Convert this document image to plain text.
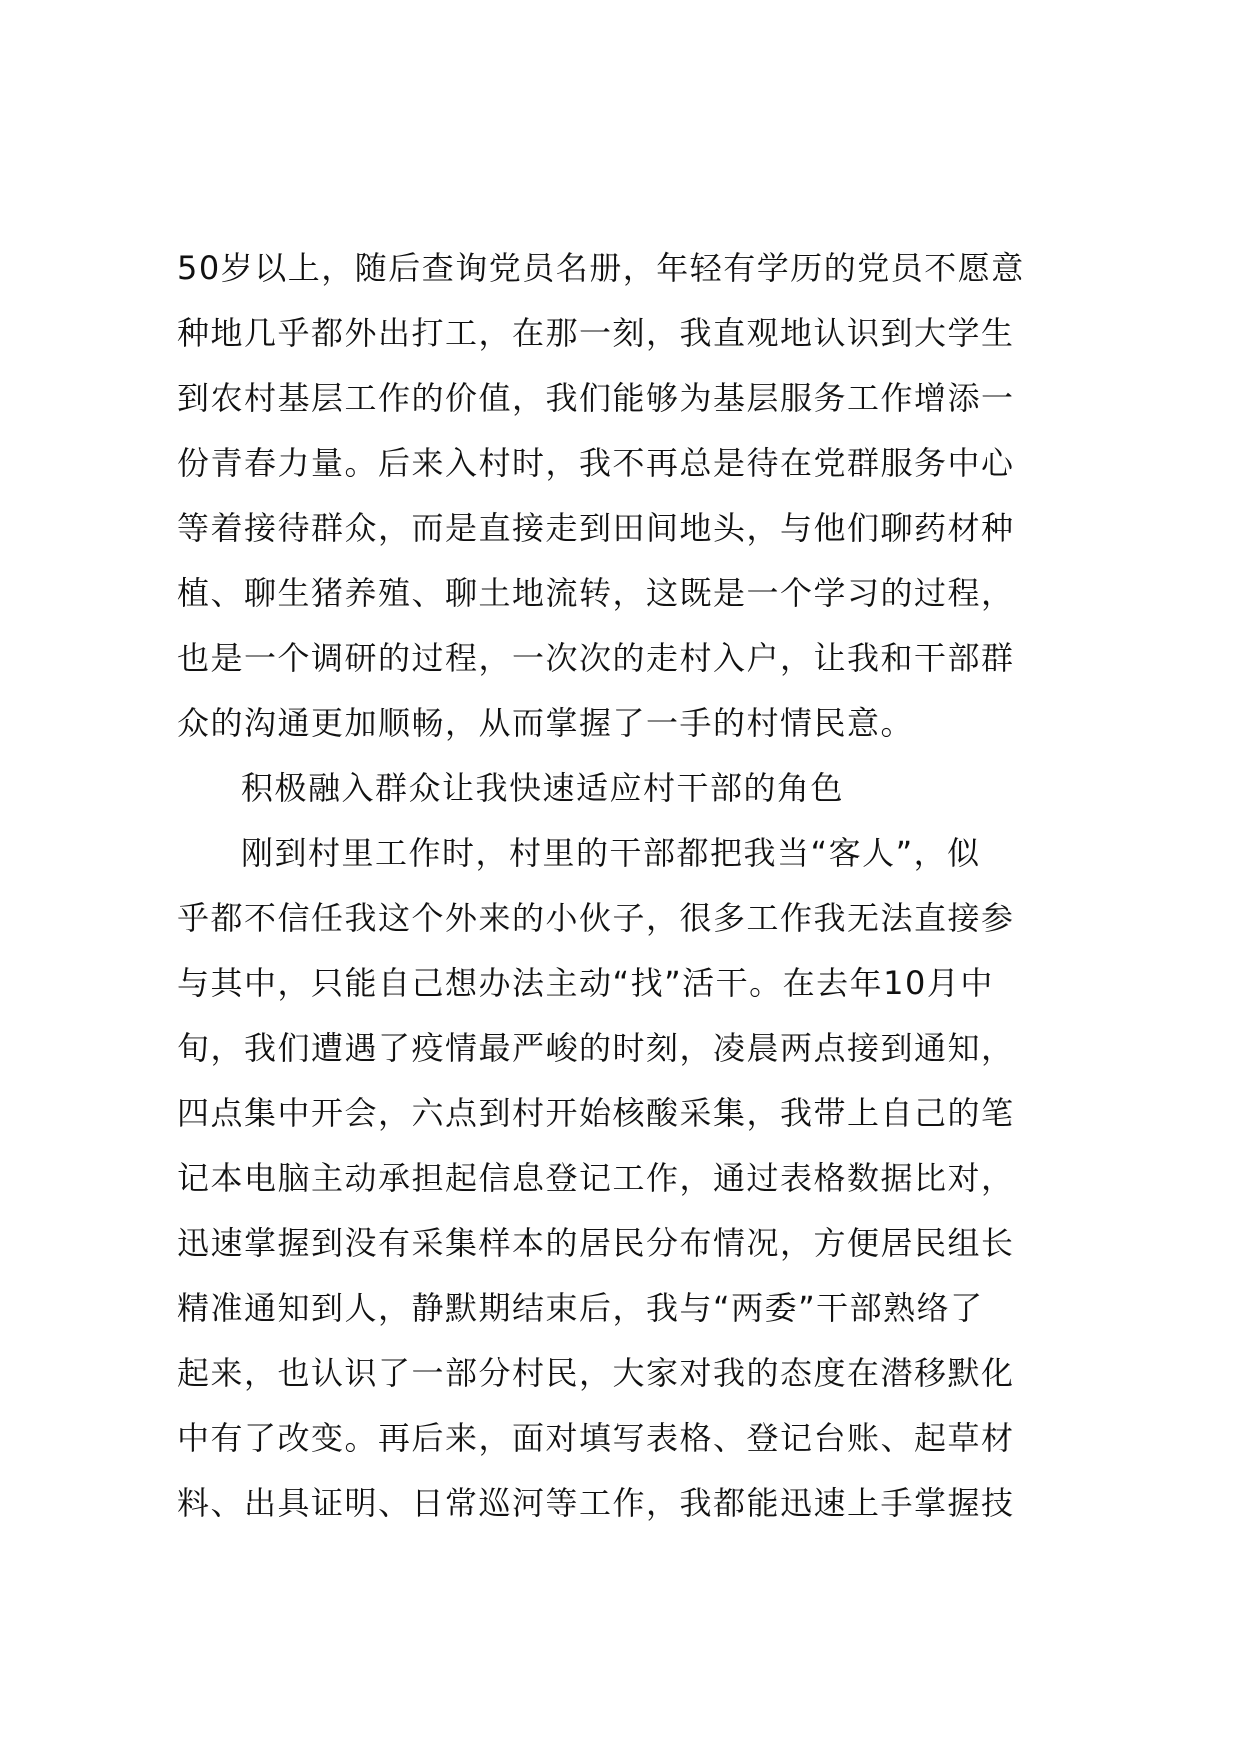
50岁以上，随后查询党员名册，年轻有学历的党员不愿意
种地几乎都外出打工，在那一刻，我直观地认识到大学生
到农村基层工作的价值，我们能够为基层服务工作增添一
份青春力量。后来入村时，我不再总是待在党群服务中心
等着接待群众，而是直接走到田间地头，与他们聊药材种
植、聊生猪养殖、聊土地流转，这既是一个学习的过程，
也是一个调研的过程，一次次的走村入户，让我和干部群
众的沟通更加顺畅，从而掌握了一手的村情民意。
积极融入群众让我快速适应村干部的角色
刚到村里工作时，村里的干部都把我当“客人”，似
乎都不信任我这个外来的小伙子，很多工作我无法直接参
与其中，只能自己想办法主动“找”活干。在去年10月中
旬，我们遭遇了疫情最严峻的时刻，凌晨两点接到通知，
四点集中开会，六点到村开始核酸采集，我带上自己的笔
记本电脑主动承担起信息登记工作，通过表格数据比对，
迅速掌握到没有采集样本的居民分布情况，方便居民组长
精准通知到人，静默期结束后，我与“两委”干部熟络了
起来，也认识了一部分村民，大家对我的态度在潜移默化
中有了改变。再后来，面对填写表格、登记台账、起草材
料、出具证明、日常巡河等工作，我都能迅速上手掌握技
